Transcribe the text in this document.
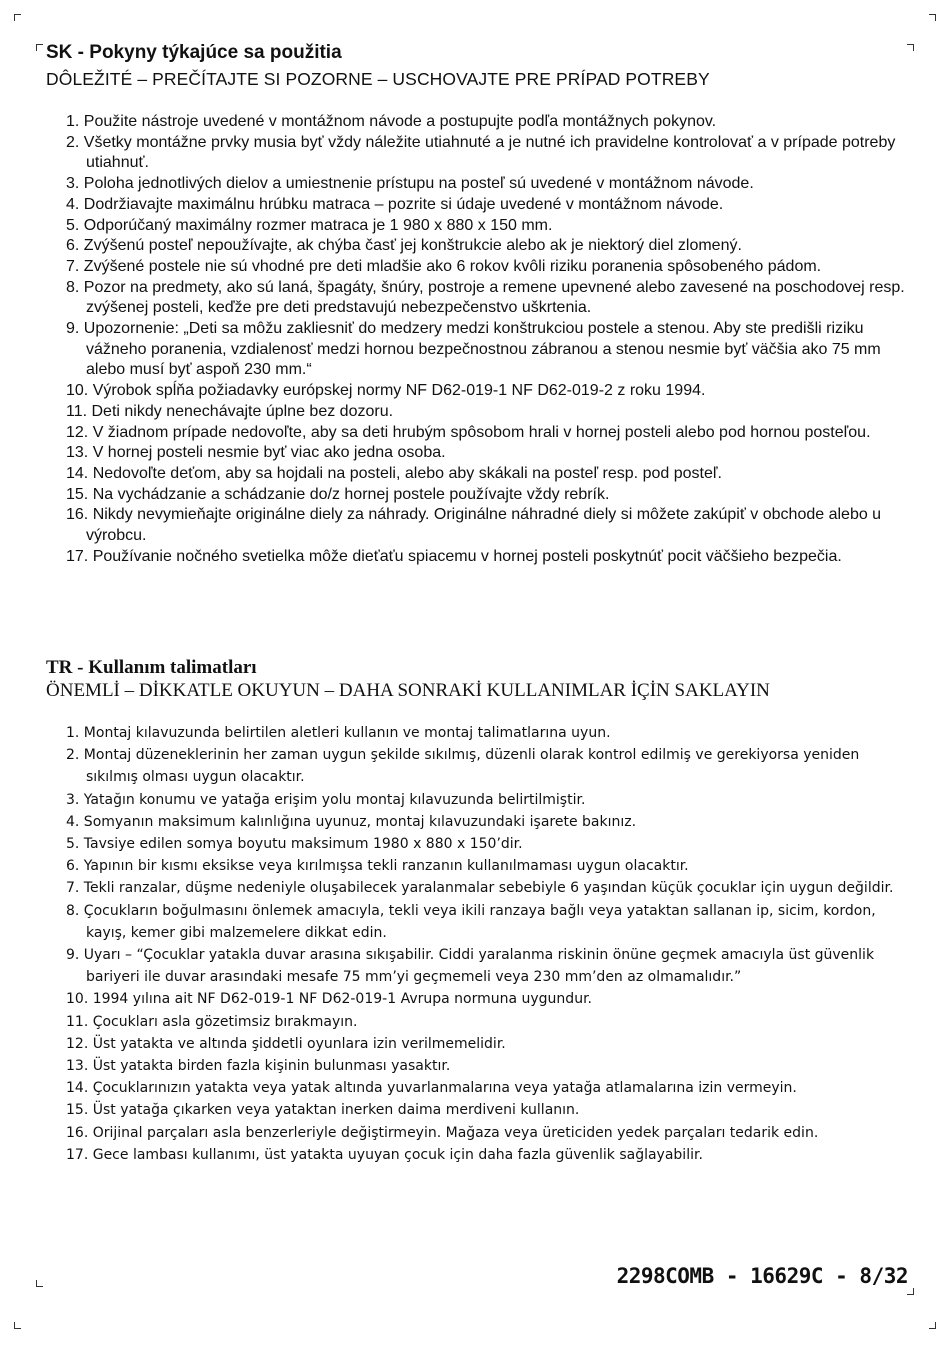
SK - Pokyny týkajúce sa použitia

DÔLEŽITÉ – PREČÍTAJTE SI POZORNE – USCHOVAJTE PRE PRÍPAD POTREBY

1. Použite nástroje uvedené v montážnom návode a postupujte podľa montážnych pokynov.
2. Všetky montážne prvky musia byť vždy náležite utiahnuté a je nutné ich pravidelne kontrolovať a v prípade potreby utiahnuť.
3. Poloha jednotlivých dielov a umiestnenie prístupu na posteľ sú uvedené v montážnom návode.
4. Dodržiavajte maximálnu hrúbku matraca – pozrite si údaje uvedené v montážnom návode.
5. Odporúčaný maximálny rozmer matraca je 1 980 x 880 x 150 mm.
6. Zvýšenú posteľ nepoužívajte, ak chýba časť jej konštrukcie alebo ak je niektorý diel zlomený.
7. Zvýšené postele nie sú vhodné pre deti mladšie ako 6 rokov kvôli riziku poranenia spôsobeného pádom.
8. Pozor na predmety, ako sú laná, špagáty, šnúry, postroje a remene upevnené alebo zavesené na poschodovej resp. zvýšenej posteli, keďže pre deti predstavujú nebezpečenstvo uškrtenia.
9. Upozornenie: „Deti sa môžu zakliesniť do medzery medzi konštrukciou postele a stenou. Aby ste predišli riziku vážneho poranenia, vzdialenosť medzi hornou bezpečnostnou zábranou a stenou nesmie byť väčšia ako 75 mm alebo musí byť aspoň 230 mm.“
10. Výrobok spĺňa požiadavky európskej normy NF D62-019-1 NF D62-019-2 z roku 1994.
11. Deti nikdy nenechávajte úplne bez dozoru.
12. V žiadnom prípade nedovoľte, aby sa deti hrubým spôsobom hrali v hornej posteli alebo pod hornou posteľou.
13. V hornej posteli nesmie byť viac ako jedna osoba.
14. Nedovoľte deťom, aby sa hojdali na posteli, alebo aby skákali na posteľ resp. pod posteľ.
15. Na vychádzanie a schádzanie do/z hornej postele používajte vždy rebrík.
16. Nikdy nevymieňajte originálne diely za náhrady. Originálne náhradné diely si môžete zakúpiť v obchode alebo u výrobcu.
17. Používanie nočného svetielka môže dieťaťu spiacemu v hornej posteli poskytnúť pocit väčšieho bezpečia.
TR - Kullanım talimatları

ÖNEMLİ – DİKKATLE OKUYUN – DAHA SONRAKİ KULLANIMLAR İÇİN SAKLAYIN

1. Montaj kılavuzunda belirtilen aletleri kullanın ve montaj talimatlarına uyun.
2. Montaj düzeneklerinin her zaman uygun şekilde sıkılmış, düzenli olarak kontrol edilmiş ve gerekiyorsa yeniden sıkılmış olması uygun olacaktır.
3. Yatağın konumu ve yatağa erişim yolu montaj kılavuzunda belirtilmiştir.
4. Somyanın maksimum kalınlığına uyunuz, montaj kılavuzundaki işarete bakınız.
5. Tavsiye edilen somya boyutu maksimum 1980 x 880 x 150’dir.
6. Yapının bir kısmı eksikse veya kırılmışsa tekli ranzanın kullanılmaması uygun olacaktır.
7. Tekli ranzalar, düşme nedeniyle oluşabilecek yaralanmalar sebebiyle 6 yaşından küçük çocuklar için uygun değildir.
8. Çocukların boğulmasını önlemek amacıyla, tekli veya ikili ranzaya bağlı veya yataktan sallanan ip, sicim, kordon, kayış, kemer gibi malzemelere dikkat edin.
9. Uyarı – “Çocuklar yatakla duvar arasına sıkışabilir. Ciddi yaralanma riskinin önüne geçmek amacıyla üst güvenlik bariyeri ile duvar arasındaki mesafe 75 mm’yi geçmemeli veya 230 mm’den az olmamalıdır.”
10. 1994 yılına ait NF D62-019-1 NF D62-019-1 Avrupa normuna uygundur.
11. Çocukları asla gözetimsiz bırakmayın.
12. Üst yatakta ve altında şiddetli oyunlara izin verilmemelidir.
13. Üst yatakta birden fazla kişinin bulunması yasaktır.
14. Çocuklarınızın yatakta veya yatak altında yuvarlanmalarına veya yatağa atlamalarına izin vermeyin.
15. Üst yatağa çıkarken veya yataktan inerken daima merdiveni kullanın.
16. Orijinal parçaları asla benzerleriyle değiştirmeyin. Mağaza veya üreticiden yedek parçaları tedarik edin.
17. Gece lambası kullanımı, üst yatakta uyuyan çocuk için daha fazla güvenlik sağlayabilir.
2298COMB - 16629C - 8/32
